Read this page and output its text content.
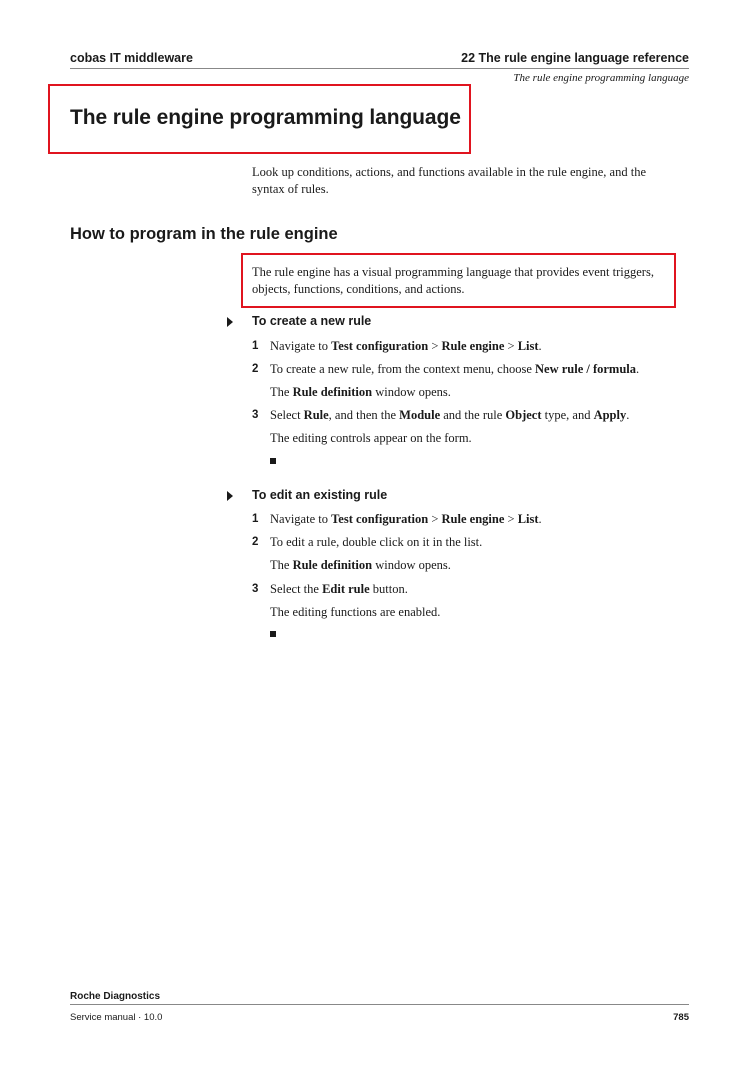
cobas IT middleware	22 The rule engine language reference
The rule engine programming language
The rule engine programming language
Look up conditions, actions, and functions available in the rule engine, and the syntax of rules.
How to program in the rule engine
The rule engine has a visual programming language that provides event triggers, objects, functions, conditions, and actions.
To create a new rule
1 Navigate to Test configuration > Rule engine > List.
2 To create a new rule, from the context menu, choose New rule / formula.
The Rule definition window opens.
3 Select Rule, and then the Module and the rule Object type, and Apply.
The editing controls appear on the form.
To edit an existing rule
1 Navigate to Test configuration > Rule engine > List.
2 To edit a rule, double click on it in the list.
The Rule definition window opens.
3 Select the Edit rule button.
The editing functions are enabled.
Roche Diagnostics
Service manual · 10.0	785
